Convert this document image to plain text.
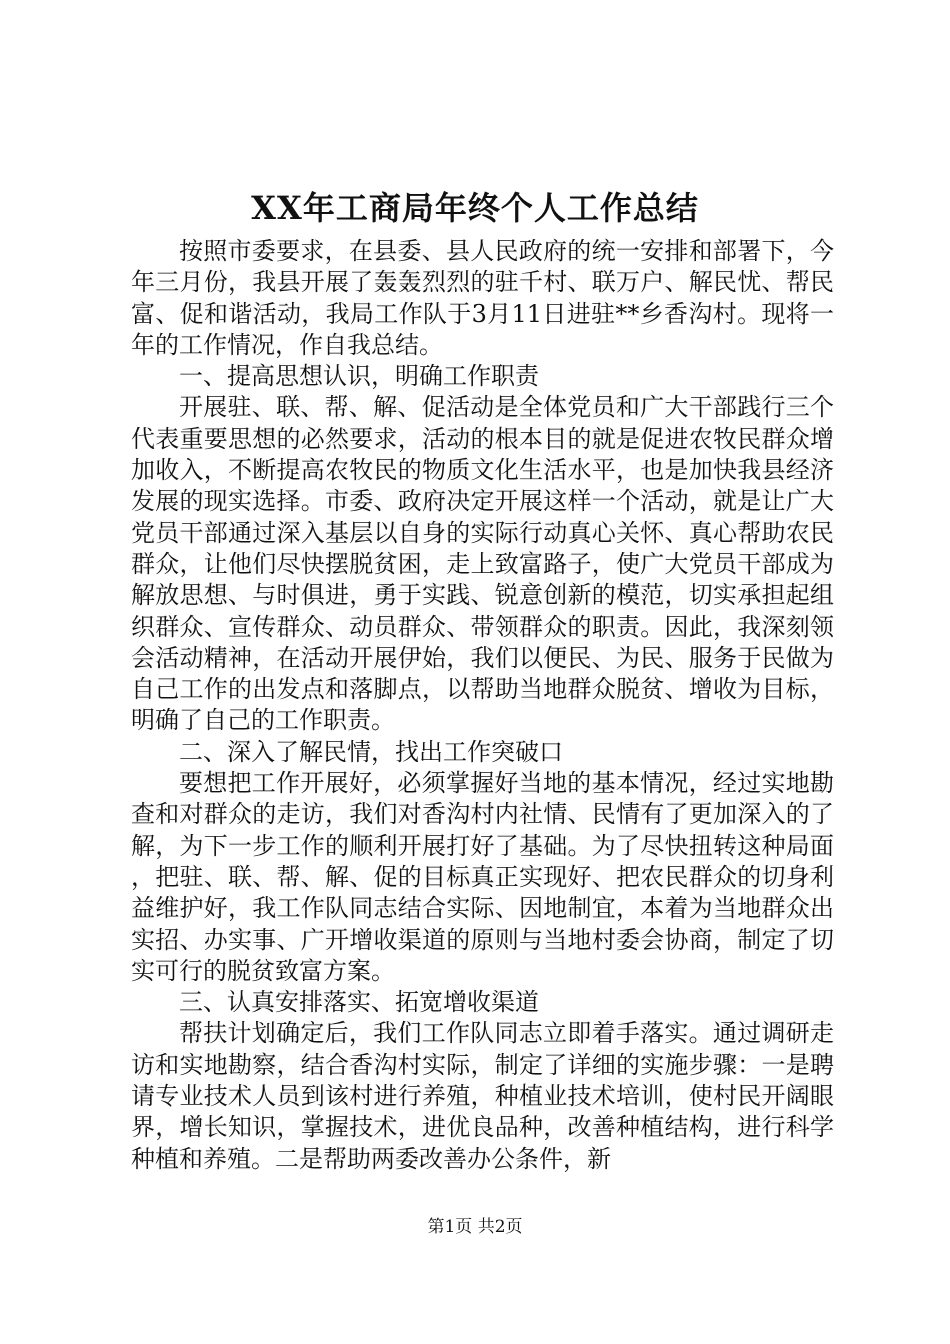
XX年工商局年终个人工作总结

按照市委要求，在县委、县人民政府的统一安排和部署下，今年三月份，我县开展了轰轰烈烈的驻千村、联万户、解民忧、帮民富、促和谐活动，我局工作队于3月11日进驻**乡香沟村。现将一年的工作情况，作自我总结。

一、提高思想认识，明确工作职责

开展驻、联、帮、解、促活动是全体党员和广大干部践行三个代表重要思想的必然要求，活动的根本目的就是促进农牧民群众增加收入，不断提高农牧民的物质文化生活水平，也是加快我县经济发展的现实选择。市委、政府决定开展这样一个活动，就是让广大党员干部通过深入基层以自身的实际行动真心关怀、真心帮助农民群众，让他们尽快摆脱贫困，走上致富路子，使广大党员干部成为解放思想、与时俱进，勇于实践、锐意创新的模范，切实承担起组织群众、宣传群众、动员群众、带领群众的职责。因此，我深刻领会活动精神，在活动开展伊始，我们以便民、为民、服务于民做为自己工作的出发点和落脚点，以帮助当地群众脱贫、增收为目标，明确了自己的工作职责。

二、深入了解民情，找出工作突破口

要想把工作开展好，必须掌握好当地的基本情况，经过实地勘查和对群众的走访，我们对香沟村内社情、民情有了更加深入的了解，为下一步工作的顺利开展打好了基础。为了尽快扭转这种局面，把驻、联、帮、解、促的目标真正实现好、把农民群众的切身利益维护好，我工作队同志结合实际、因地制宜，本着为当地群众出实招、办实事、广开增收渠道的原则与当地村委会协商，制定了切实可行的脱贫致富方案。

三、认真安排落实、拓宽增收渠道

帮扶计划确定后，我们工作队同志立即着手落实。通过调研走访和实地勘察，结合香沟村实际，制定了详细的实施步骤：一是聘请专业技术人员到该村进行养殖，种植业技术培训，使村民开阔眼界，增长知识，掌握技术，进优良品种，改善种植结构，进行科学种植和养殖。二是帮助两委改善办公条件，新

第1页 共2页
